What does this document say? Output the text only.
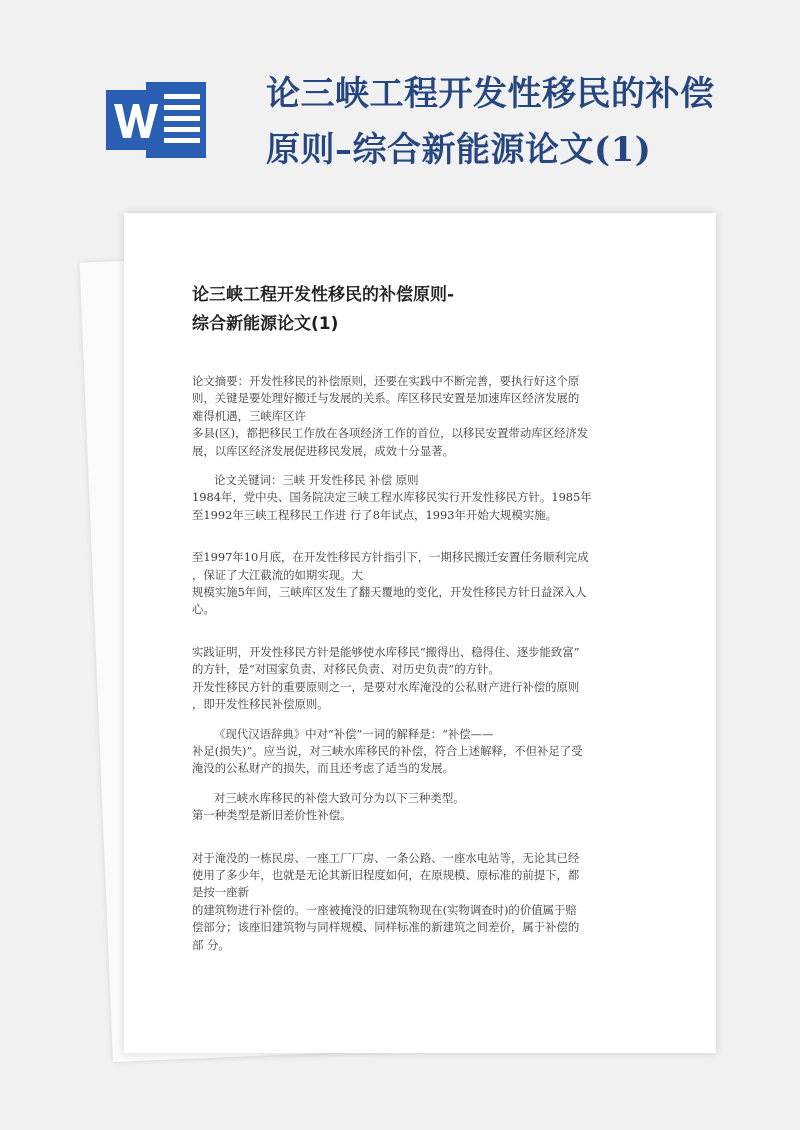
论三峡工程开发性移民的补偿
原则–综合新能源论文(1)
论三峡工程开发性移民的补偿原则-
综合新能源论文(1)

论文摘要：开发性移民的补偿原则，还要在实践中不断完善，要执行好这个原
则，关键是要处理好搬迁与发展的关系。库区移民安置是加速库区经济发展的
难得机遇，三峡库区许
多县(区)，都把移民工作放在各项经济工作的首位，以移民安置带动库区经济发
展，以库区经济发展促进移民发展，成效十分显著。

论文关键词：三峡 开发性移民 补偿 原则
1984年，党中央、国务院决定三峡工程水库移民实行开发性移民方针。1985年
至1992年三峡工程移民工作进 行了8年试点，1993年开始大规模实施。

至1997年10月底，在开发性移民方针指引下，一期移民搬迁安置任务顺利完成
，保证了大江截流的如期实现。大
规模实施5年间，三峡库区发生了翻天覆地的变化，开发性移民方针日益深入人
心。

实践证明，开发性移民方针是能够使水库移民“搬得出、稳得住、逐步能致富”
的方针，是“对国家负责、对移民负责、对历史负责”的方针。
开发性移民方针的重要原则之一，是要对水库淹没的公私财产进行补偿的原则
，即开发性移民补偿原则。

《现代汉语辞典》中对“补偿”一词的解释是：“补偿——
补足(损失)”。应当说，对三峡水库移民的补偿，符合上述解释，不但补足了受
淹没的公私财产的损失，而且还考虑了适当的发展。

对三峡水库移民的补偿大致可分为以下三种类型。
第一种类型是新旧差价性补偿。

对于淹没的一栋民房、一座工厂厂房、一条公路、一座水电站等，无论其已经
使用了多少年，也就是无论其新旧程度如何，在原规模、原标准的前提下，都
是按一座新
的建筑物进行补偿的。一座被掩没的旧建筑物现在(实物调查时)的价值属于赔
偿部分；该座旧建筑物与同样规模、同样标准的新建筑之间差价，属于补偿的
部 分。
